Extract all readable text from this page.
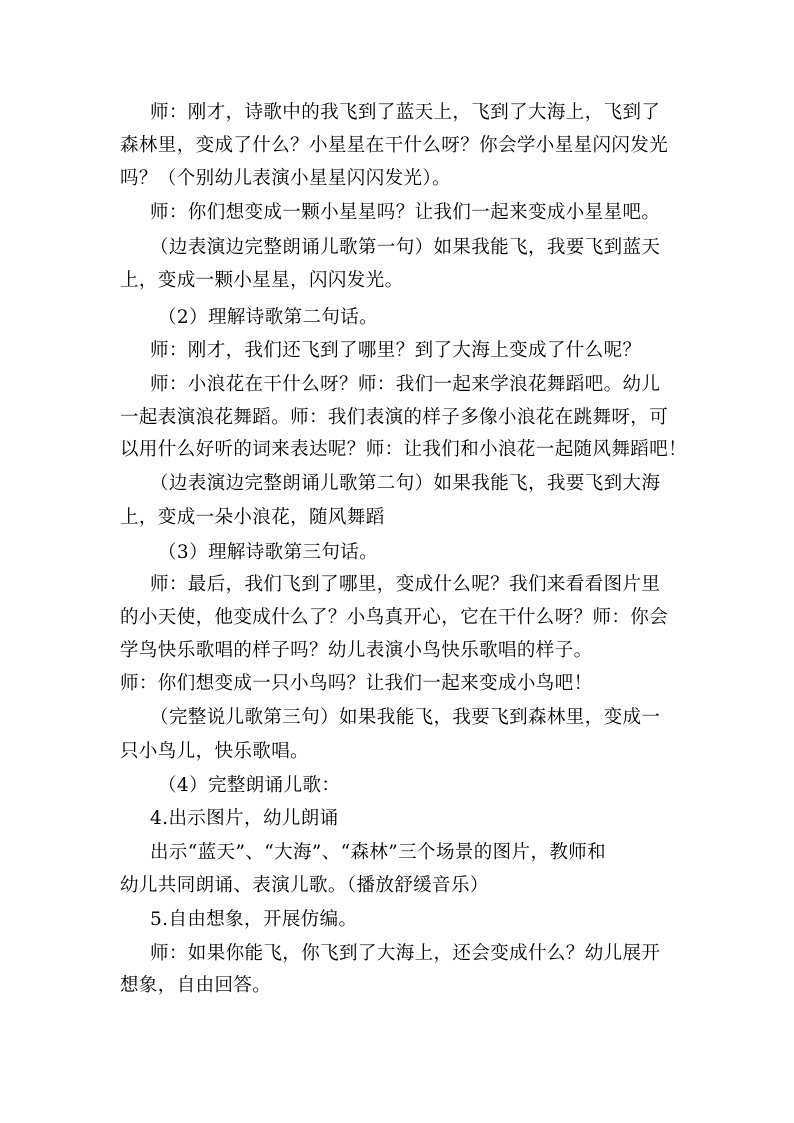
师：刚才，诗歌中的我飞到了蓝天上，飞到了大海上，飞到了
森林里，变成了什么？小星星在干什么呀？你会学小星星闪闪发光
吗？（个别幼儿表演小星星闪闪发光）。
师：你们想变成一颗小星星吗？让我们一起来变成小星星吧。
（边表演边完整朗诵儿歌第一句）如果我能飞，我要飞到蓝天
上，变成一颗小星星，闪闪发光。
（2）理解诗歌第二句话。
师：刚才，我们还飞到了哪里？到了大海上变成了什么呢？
师：小浪花在干什么呀？师：我们一起来学浪花舞蹈吧。幼儿
一起表演浪花舞蹈。师：我们表演的样子多像小浪花在跳舞呀，可
以用什么好听的词来表达呢？师：让我们和小浪花一起随风舞蹈吧！
（边表演边完整朗诵儿歌第二句）如果我能飞，我要飞到大海
上，变成一朵小浪花，随风舞蹈
（3）理解诗歌第三句话。
师：最后，我们飞到了哪里，变成什么呢？我们来看看图片里
的小天使，他变成什么了？小鸟真开心，它在干什么呀？师：你会
学鸟快乐歌唱的样子吗？幼儿表演小鸟快乐歌唱的样子。
师：你们想变成一只小鸟吗？让我们一起来变成小鸟吧！
（完整说儿歌第三句）如果我能飞，我要飞到森林里，变成一
只小鸟儿，快乐歌唱。
（4）完整朗诵儿歌：
4.出示图片，幼儿朗诵
出示“蓝天”、“大海”、“森林”三个场景的图片，教师和
幼儿共同朗诵、表演儿歌。（播放舒缓音乐）
5.自由想象，开展仿编。
师：如果你能飞，你飞到了大海上，还会变成什么？幼儿展开
想象，自由回答。
